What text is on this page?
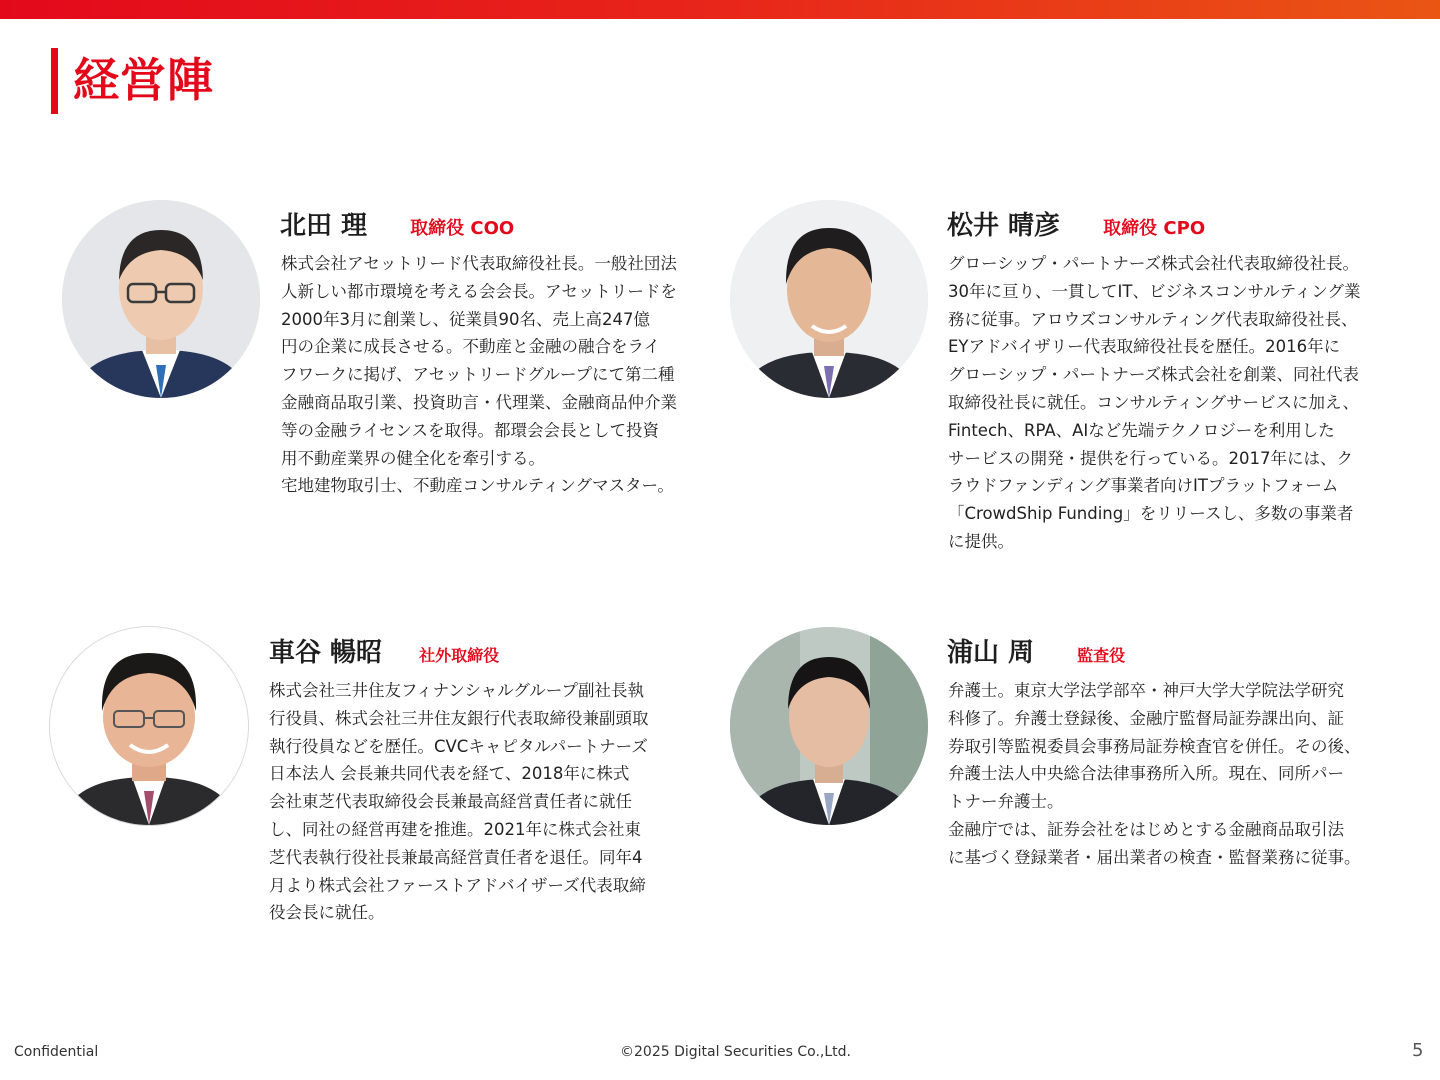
経営陣
北田 理 取締役 COO
株式会社アセットリード代表取締役社長。一般社団法
人新しい都市環境を考える会会長。アセットリードを
2000年3月に創業し、従業員90名、売上高247億
円の企業に成長させる。不動産と金融の融合をライ
フワークに掲げ、アセットリードグループにて第二種
金融商品取引業、投資助言・代理業、金融商品仲介業
等の金融ライセンスを取得。都環会会長として投資
用不動産業界の健全化を牽引する。
宅地建物取引士、不動産コンサルティングマスター。
松井 晴彦 取締役 CPO
グローシップ・パートナーズ株式会社代表取締役社長。
30年に亘り、一貫してIT、ビジネスコンサルティング業
務に従事。アロウズコンサルティング代表取締役社長、
EYアドバイザリー代表取締役社長を歴任。2016年に
グローシップ・パートナーズ株式会社を創業、同社代表
取締役社長に就任。コンサルティングサービスに加え、
Fintech、RPA、AIなど先端テクノロジーを利用した
サービスの開発・提供を行っている。2017年には、ク
ラウドファンディング事業者向けITプラットフォーム
「CrowdShip Funding」をリリースし、多数の事業者
に提供。
車谷 暢昭 社外取締役
株式会社三井住友フィナンシャルグループ副社長執
行役員、株式会社三井住友銀行代表取締役兼副頭取
執行役員などを歴任。CVCキャピタルパートナーズ
日本法人 会長兼共同代表を経て、2018年に株式
会社東芝代表取締役会長兼最高経営責任者に就任
し、同社の経営再建を推進。2021年に株式会社東
芝代表執行役社長兼最高経営責任者を退任。同年4
月より株式会社ファーストアドバイザーズ代表取締
役会長に就任。
浦山 周	監査役
弁護士。東京大学法学部卒・神戸大学大学院法学研究
科修了。弁護士登録後、金融庁監督局証券課出向、証
券取引等監視委員会事務局証券検査官を併任。その後、
弁護士法人中央総合法律事務所入所。現在、同所パー
トナー弁護士。
金融庁では、証券会社をはじめとする金融商品取引法
に基づく登録業者・届出業者の検査・監督業務に従事。
Confidential	©2025 Digital Securities Co.,Ltd.	5
